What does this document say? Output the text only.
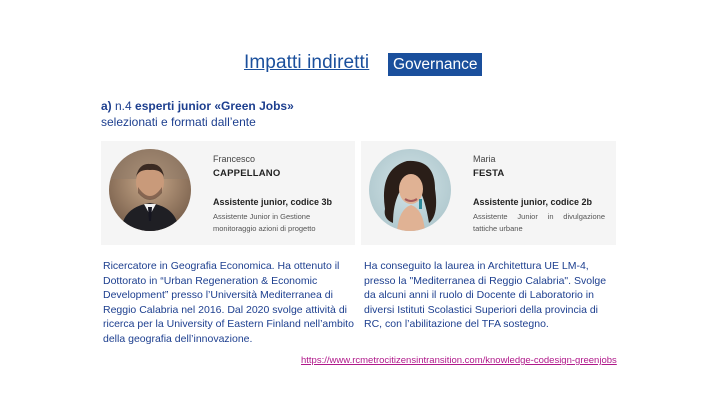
Impatti indiretti	Governance
a) n.4 esperti junior «Green Jobs»
selezionati e formati dall’ente
Francesco
CAPPELLANO
Assistente junior, codice 3b
Assistente Junior in Gestione monitoraggio azioni di progetto
Maria
FESTA
Assistente junior, codice 2b
Assistente Junior in divulgazione tattiche urbane
Ricercatore in Geografia Economica. Ha ottenuto il Dottorato in “Urban Regeneration & Economic Development” presso l’Università Mediterranea di Reggio Calabria nel 2016. Dal 2020 svolge attività di ricerca per la University of Eastern Finland nell’ambito della geografia dell’innovazione.
Ha conseguito la laurea in Architettura UE LM-4, presso la "Mediterranea di Reggio Calabria". Svolge da alcuni anni il ruolo di Docente di Laboratorio in diversi Istituti Scolastici Superiori della provincia di RC, con l’abilitazione del TFA sostegno.
https://www.rcmetrocitizensintransition.com/knowledge-codesign-greenjobs
